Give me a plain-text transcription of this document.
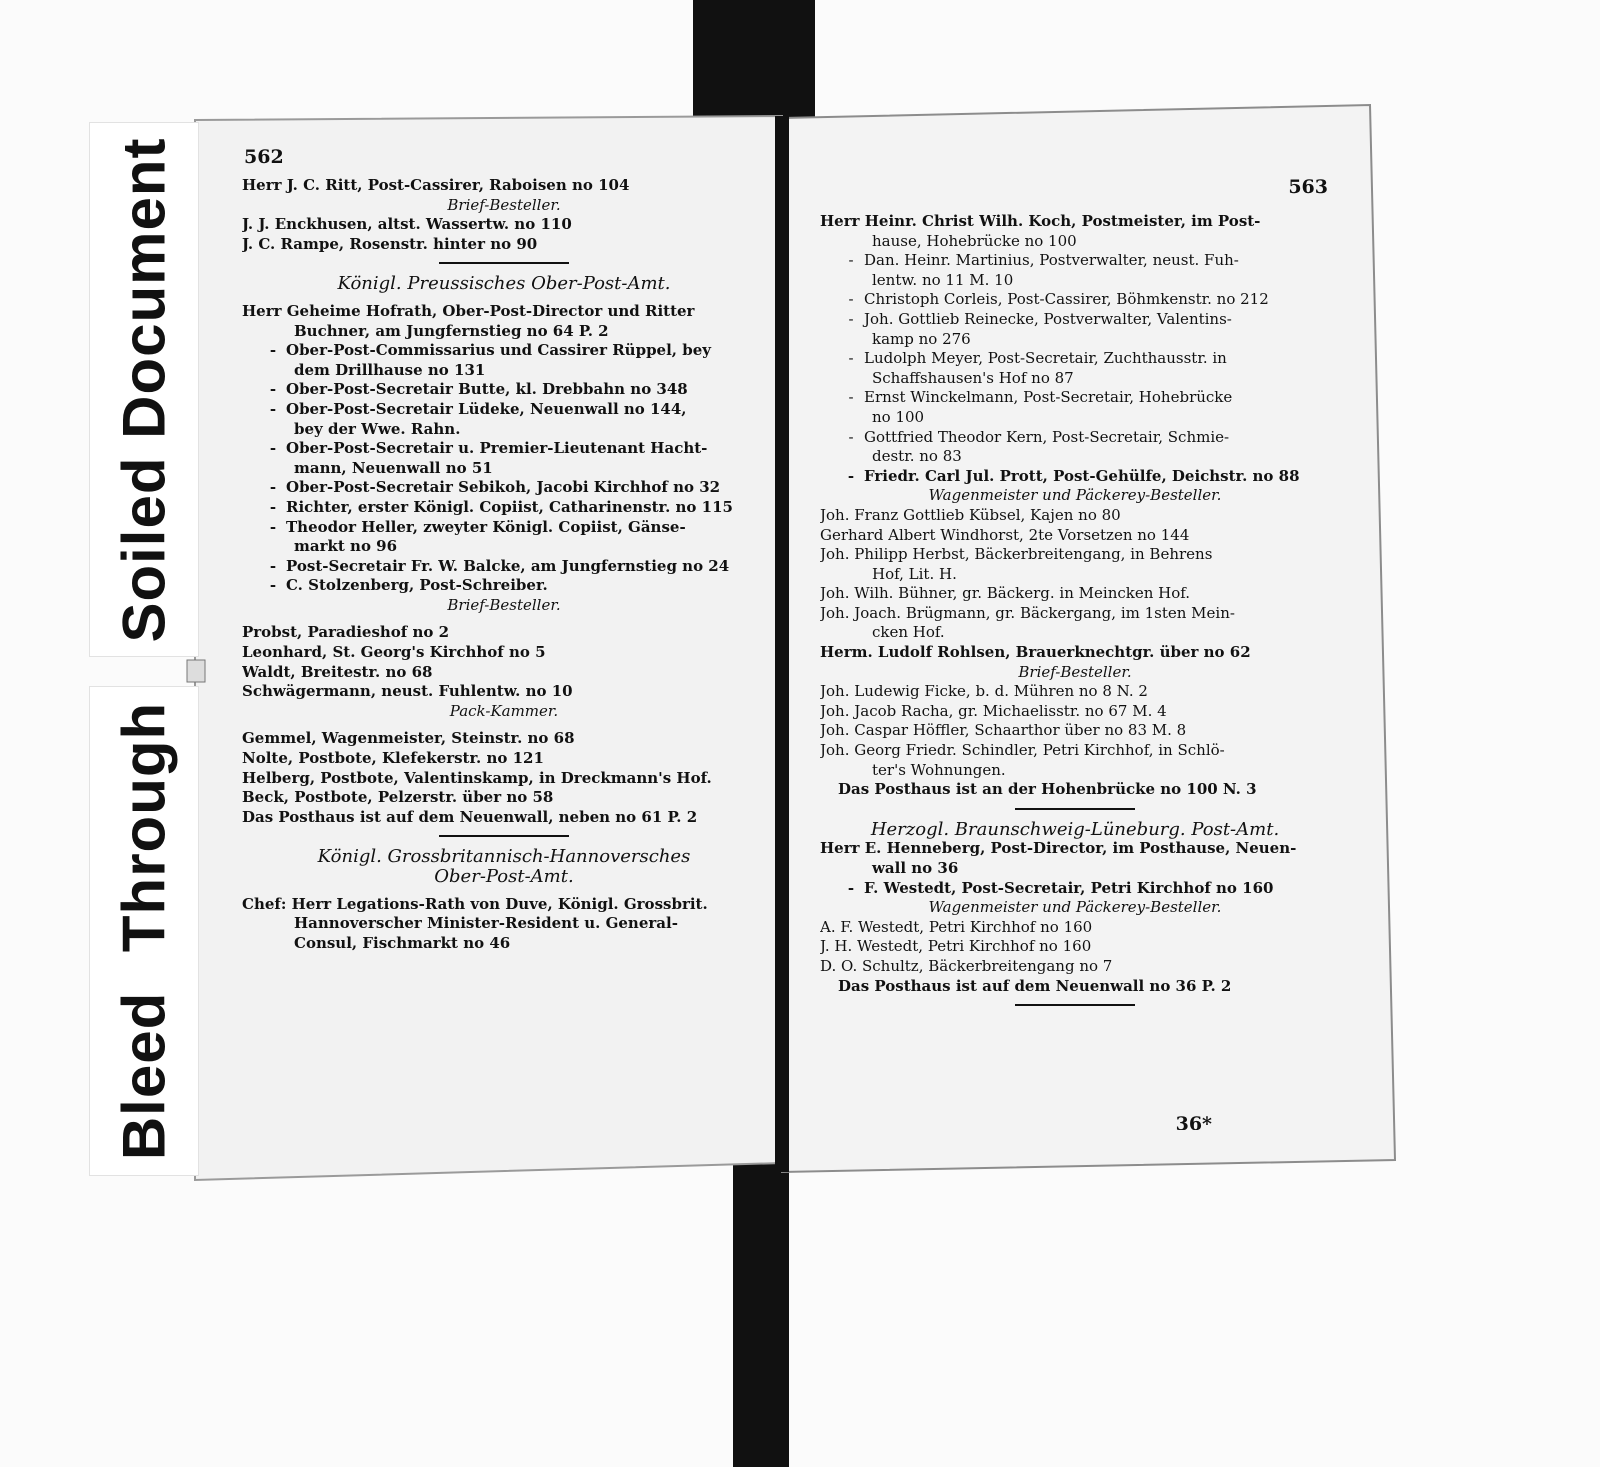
Soiled Document
Bleed Through
562
Herr J. C. Ritt, Post-Cassirer, Raboisen no 104
Brief-Besteller.
J. J. Enckhusen, altst. Wassertw. no 110
J. C. Rampe, Rosenstr. hinter no 90
Königl. Preussisches Ober-Post-Amt.
Herr Geheime Hofrath, Ober-Post-Director und Ritter
Buchner, am Jungfernstieg no 64 P. 2
- Ober-Post-Commissarius und Cassirer Rüppel, bey
dem Drillhause no 131
- Ober-Post-Secretair Butte, kl. Drebbahn no 348
- Ober-Post-Secretair Lüdeke, Neuenwall no 144,
bey der Wwe. Rahn.
- Ober-Post-Secretair u. Premier-Lieutenant Hacht-
mann, Neuenwall no 51
- Ober-Post-Secretair Sebikoh, Jacobi Kirchhof no 32
- Richter, erster Königl. Copiist, Catharinenstr. no 115
- Theodor Heller, zweyter Königl. Copiist, Gänse-
markt no 96
- Post-Secretair Fr. W. Balcke, am Jungfernstieg no 24
- C. Stolzenberg, Post-Schreiber.
Brief-Besteller.
Probst, Paradieshof no 2
Leonhard, St. Georg's Kirchhof no 5
Waldt, Breitestr. no 68
Schwägermann, neust. Fuhlentw. no 10
Pack-Kammer.
Gemmel, Wagenmeister, Steinstr. no 68
Nolte, Postbote, Klefekerstr. no 121
Helberg, Postbote, Valentinskamp, in Dreckmann's Hof.
Beck, Postbote, Pelzerstr. über no 58
Das Posthaus ist auf dem Neuenwall, neben no 61 P. 2
Königl. Grossbritannisch-Hannoversches
Ober-Post-Amt.
Chef: Herr Legations-Rath von Duve, Königl. Grossbrit.
Hannoverscher Minister-Resident u. General-
Consul, Fischmarkt no 46
563
Herr Heinr. Christ Wilh. Koch, Postmeister, im Post-
hause, Hohebrücke no 100
- Dan. Heinr. Martinius, Postverwalter, neust. Fuh-
lentw. no 11 M. 10
- Christoph Corleis, Post-Cassirer, Böhmkenstr. no 212
- Joh. Gottlieb Reinecke, Postverwalter, Valentins-
kamp no 276
- Ludolph Meyer, Post-Secretair, Zuchthausstr. in
Schaffshausen's Hof no 87
- Ernst Winckelmann, Post-Secretair, Hohebrücke
no 100
- Gottfried Theodor Kern, Post-Secretair, Schmie-
destr. no 83
- Friedr. Carl Jul. Prott, Post-Gehülfe, Deichstr. no 88
Wagenmeister und Päckerey-Besteller.
Joh. Franz Gottlieb Kübsel, Kajen no 80
Gerhard Albert Windhorst, 2te Vorsetzen no 144
Joh. Philipp Herbst, Bäckerbreitengang, in Behrens
Hof, Lit. H.
Joh. Wilh. Bühner, gr. Bäckerg. in Meincken Hof.
Joh. Joach. Brügmann, gr. Bäckergang, im 1sten Mein-
cken Hof.
Herm. Ludolf Rohlsen, Brauerknechtgr. über no 62
Brief-Besteller.
Joh. Ludewig Ficke, b. d. Mühren no 8 N. 2
Joh. Jacob Racha, gr. Michaelisstr. no 67 M. 4
Joh. Caspar Höffler, Schaarthor über no 83 M. 8
Joh. Georg Friedr. Schindler, Petri Kirchhof, in Schlö-
ter's Wohnungen.
Das Posthaus ist an der Hohenbrücke no 100 N. 3
Herzogl. Braunschweig-Lüneburg. Post-Amt.
Herr E. Henneberg, Post-Director, im Posthause, Neuen-
wall no 36
- F. Westedt, Post-Secretair, Petri Kirchhof no 160
Wagenmeister und Päckerey-Besteller.
A. F. Westedt, Petri Kirchhof no 160
J. H. Westedt, Petri Kirchhof no 160
D. O. Schultz, Bäckerbreitengang no 7
Das Posthaus ist auf dem Neuenwall no 36 P. 2
36*
